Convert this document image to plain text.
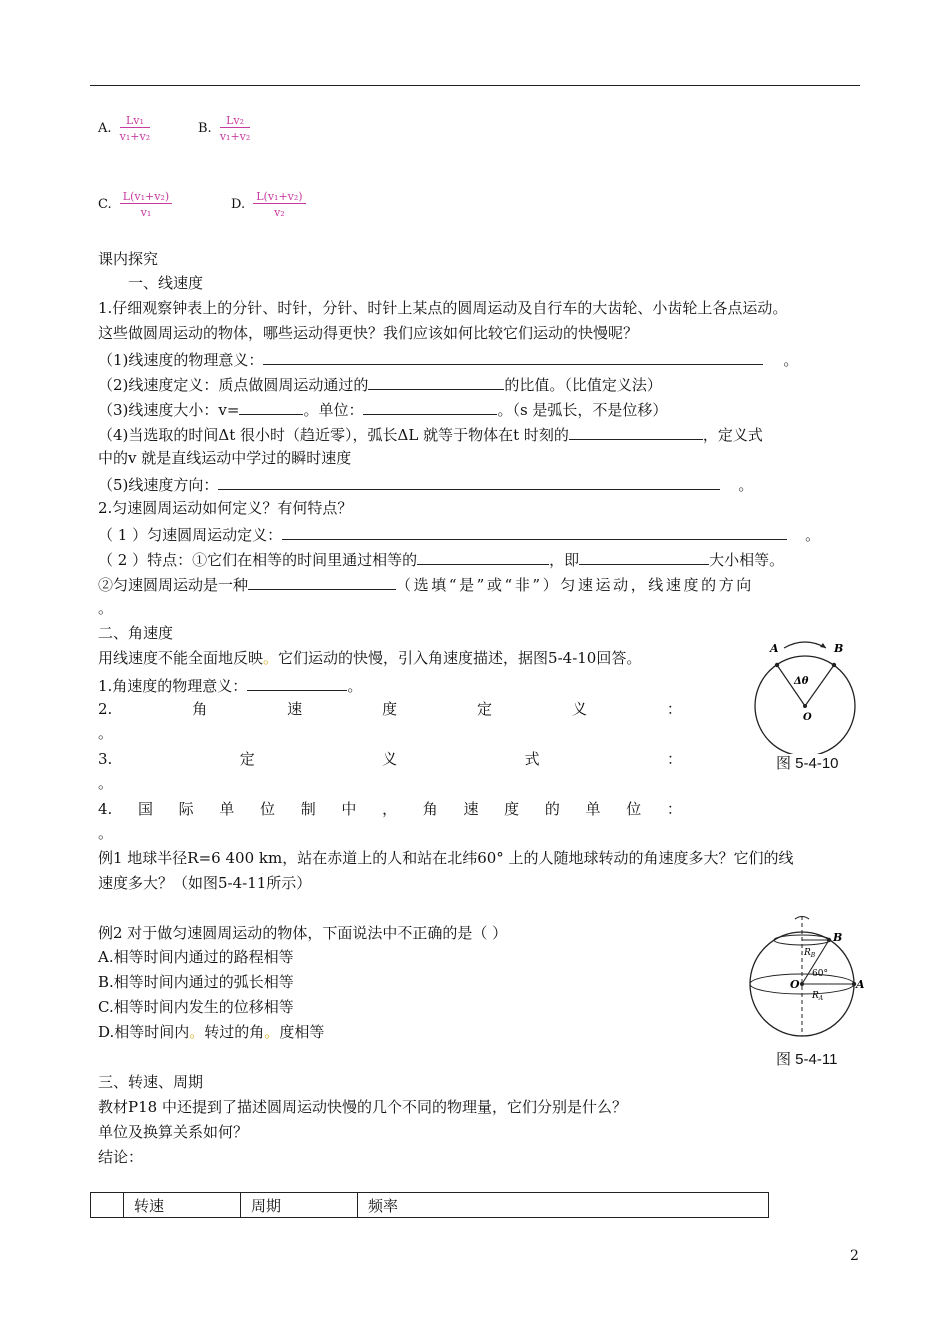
A. $\frac{\text{Lv₁}}{\text{v₁+v₂}}$	B. $\frac{\text{Lv₂}}{\text{v₁+v₂}}$
C. $\frac{\text{L(v₁+v₂)}}{\text{v₁}}$	D. $\frac{\text{L(v₁+v₂)}}{\text{v₂}}$
课内探究
一、线速度
1.仔细观察钟表上的分针、时针，分针、时针上某点的圆周运动及自行车的大齿轮、小齿轮上各点运动。
这些做圆周运动的物体，哪些运动得更快？我们应该如何比较它们运动的快慢呢？
（1)线速度的物理意义：	。
（2)线速度定义：质点做圆周运动通过的	的比值。（比值定义法）
（3)线速度大小：v=	。单位：	。（s 是弧长，不是位移）
（4)当选取的时间Δt 很小时（趋近零），弧长ΔL 就等于物体在t 时刻的	，定义式
中的v 就是直线运动中学过的瞬时速度
（5)线速度方向：	。
2.匀速圆周运动如何定义？有何特点？
（ 1 ）匀速圆周运动定义：	。
（ 2 ）特点：①它们在相等的时间里通过相等的	，即	大小相等。
②匀速圆周运动是一种	（选填“是”或“非”）匀速运动，线速度的方向
。
二、角速度
用线速度不能全面地反映。它们运动的快慢，引入角速度描述，据图5-4-10回答。
1.角速度的物理意义：	。
2.	角	速	度	定	义	：
。
3.	定	义	式	：
。
4. 国 际 单 位 制 中 ， 角 速 度 的 单 位 ：
。
例1 地球半径R=6 400 km，站在赤道上的人和站在北纬60° 上的人随地球转动的角速度多大？它们的线
速度多大？（如图5-4-11所示）
例2 对于做匀速圆周运动的物体，下面说法中不正确的是（ ）
A.相等时间内通过的路程相等
B.相等时间内通过的弧长相等
C.相等时间内发生的位移相等
D.相等时间内。转过的角。度相等
三、转速、周期
教材P18 中还提到了描述圆周运动快慢的几个不同的物理量，它们分别是什么？
单位及换算关系如何？
结论：
A	B
Δθ
O
图 5-4-10
B
$R_B$
60°
O
$R_A$
A
图 5-4-11
	转速	周期	频率
2
